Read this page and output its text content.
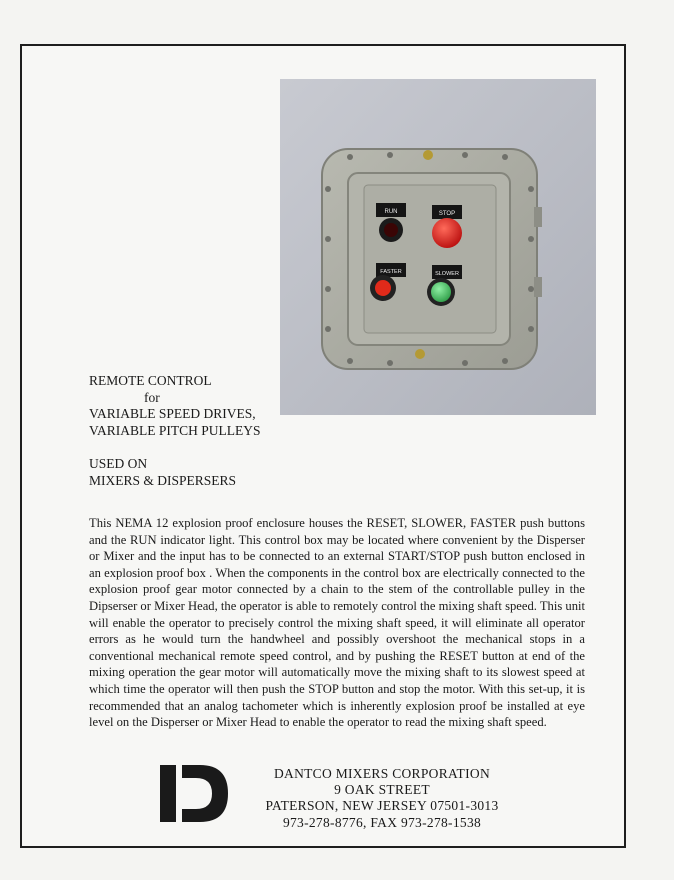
RUN	STOP
FASTER	SLOWER
REMOTE CONTROL
for
VARIABLE SPEED DRIVES,
VARIABLE PITCH PULLEYS
USED ON
MIXERS & DISPERSERS
This NEMA 12 explosion proof enclosure houses the RESET, SLOWER, FASTER push buttons and the RUN indicator light. This control box may be located where convenient by the Disperser or Mixer and the input has to be connected to an external START/STOP push button enclosed in an explosion proof box . When the components in the control box are electrically connected to the explosion proof gear motor connected by a chain to the stem of the controllable pulley in the Dipserser or Mixer Head, the operator is able to remotely control the mixing shaft speed. This unit will enable the operator to precisely control the mixing shaft speed, it will eliminate all operator errors as he would turn the handwheel and possibly overshoot the mechanical stops in a conventional mechanical remote speed control, and by pushing the RESET button at end of the mixing operation the gear motor will automatically move the mixing shaft to its slowest speed at which time the operator will then push the STOP button and stop the motor. With this set-up, it is recommended that an analog tachometer which is inherently explosion proof be installed at eye level on the Disperser or Mixer Head to enable the operator to read the mixing shaft speed.
DANTCO MIXERS CORPORATION
9 OAK STREET
PATERSON, NEW JERSEY 07501-3013
973-278-8776, FAX 973-278-1538
